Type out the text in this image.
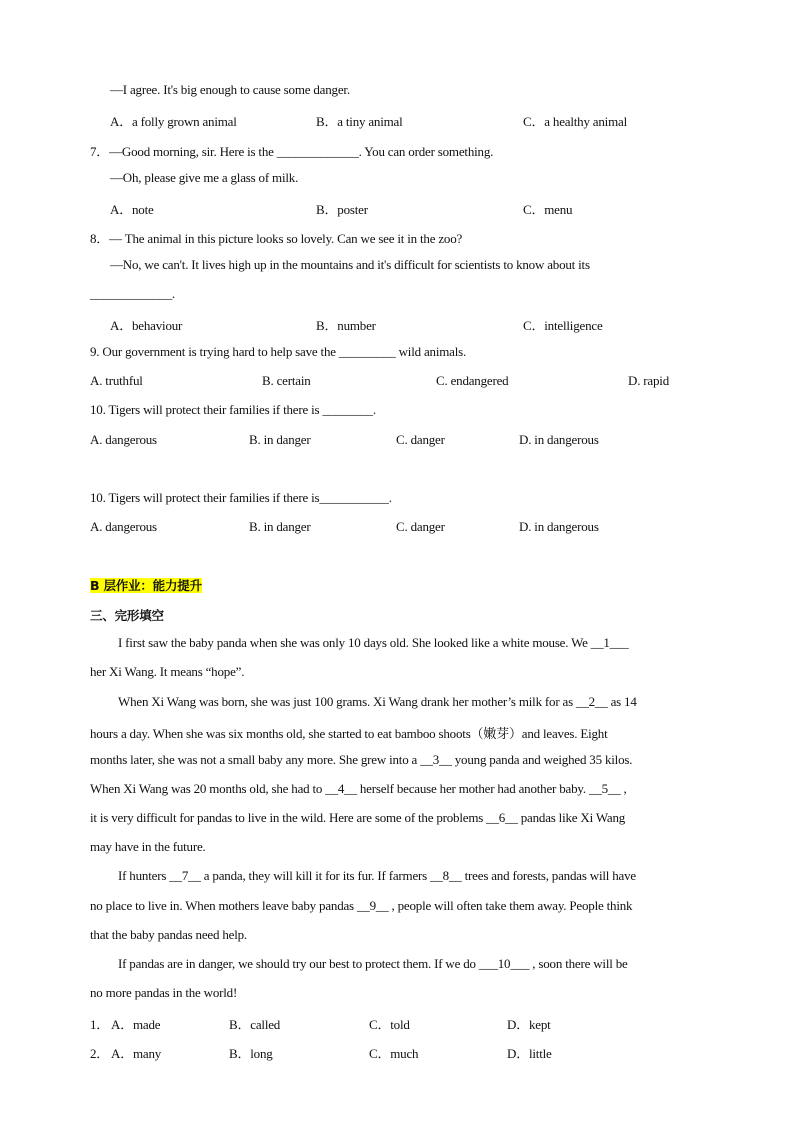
—I agree. It's big enough to cause some danger.
A．a folly grown animal	B．a tiny animal	C．a healthy animal
7．—Good morning, sir. Here is the _____________. You can order something.
—Oh, please give me a glass of milk.
A．note	B．poster	C．menu
8．— The animal in this picture looks so lovely. Can we see it in the zoo?
—No, we can't. It lives high up in the mountains and it's difficult for scientists to know about its
_____________.
A．behaviour	B．number	C．intelligence
9. Our government is trying hard to help save the _________ wild animals.
A. truthful	B. certain	C. endangered	D. rapid
10. Tigers will protect their families if there is ________.
A. dangerous	B. in danger	C. danger	D. in dangerous
10. Tigers will protect their families if there is___________.
A. dangerous	B. in danger	C. danger	D. in dangerous
B 层作业：能力提升
三、完形填空
I first saw the baby panda when she was only 10 days old. She looked like a white mouse. We __1___
her Xi Wang. It means “hope”.
When Xi Wang was born, she was just 100 grams. Xi Wang drank her mother’s milk for as __2__ as 14
hours a day. When she was six months old, she started to eat bamboo shoots（嫩芽）and leaves. Eight
months later, she was not a small baby any more. She grew into a __3__ young panda and weighed 35 kilos.
When Xi Wang was 20 months old, she had to __4__ herself because her mother had another baby. __5__ ,
it is very difficult for pandas to live in the wild. Here are some of the problems __6__ pandas like Xi Wang
may have in the future.
If hunters __7__ a panda, they will kill it for its fur. If farmers __8__ trees and forests, pandas will have
no place to live in. When mothers leave baby pandas __9__ , people will often take them away. People think
that the baby pandas need help.
If pandas are in danger, we should try our best to protect them. If we do ___10___ , soon there will be
no more pandas in the world!
1． A．made	B．called	C．told	D．kept
2． A．many	B．long	C．much	D．little
